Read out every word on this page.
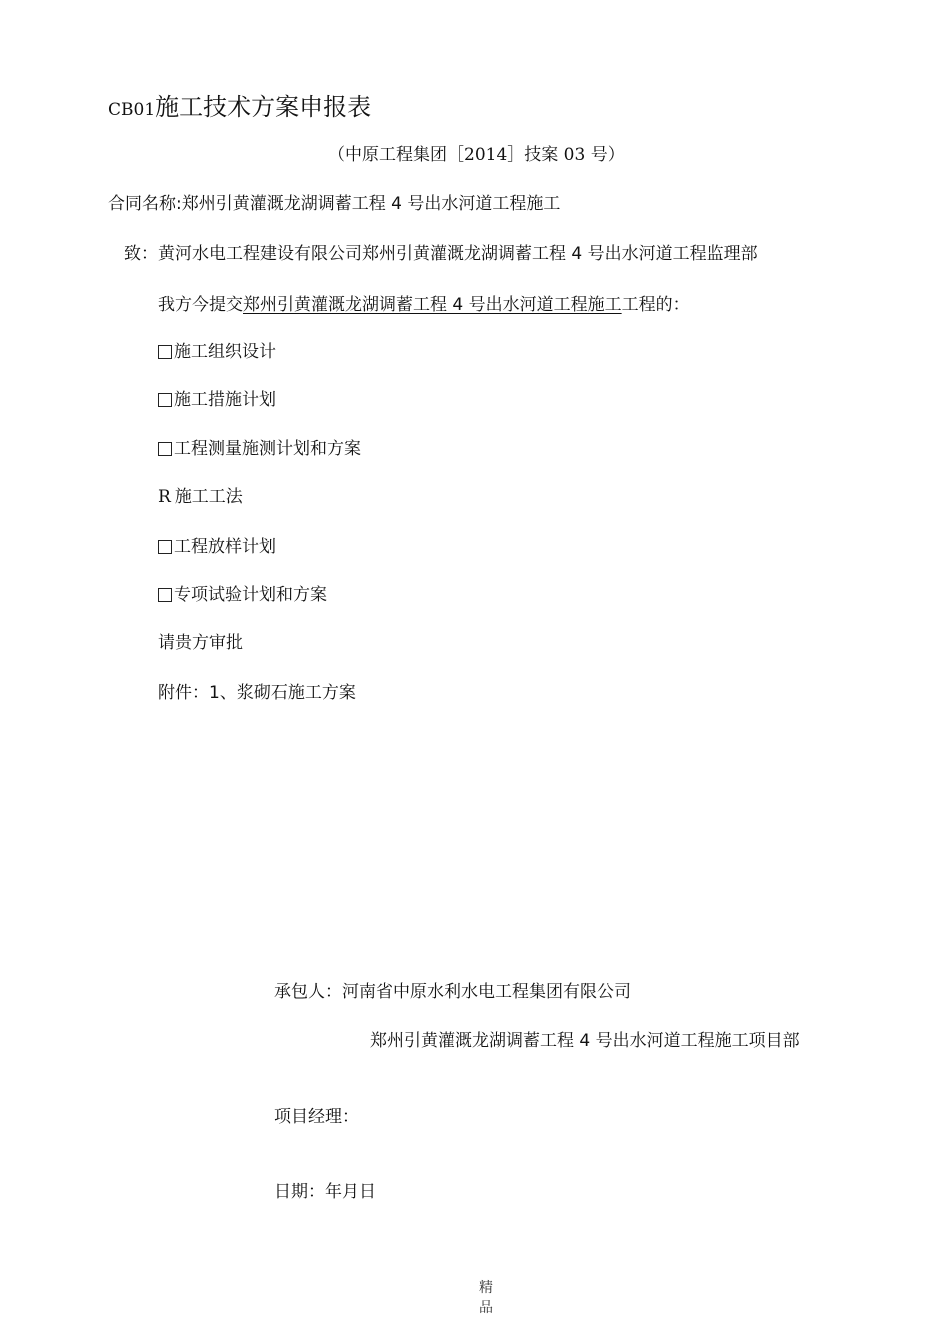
CB01施工技术方案申报表
（中原工程集团［2014］技案 03 号）
合同名称:郑州引黄灌溉龙湖调蓄工程 4 号出水河道工程施工
致：黄河水电工程建设有限公司郑州引黄灌溉龙湖调蓄工程 4 号出水河道工程监理部
我方今提交郑州引黄灌溉龙湖调蓄工程 4 号出水河道工程施工工程的：
施工组织设计
施工措施计划
工程测量施测计划和方案
R 施工工法
工程放样计划
专项试验计划和方案
请贵方审批
附件：1、浆砌石施工方案
承包人：河南省中原水利水电工程集团有限公司
郑州引黄灌溉龙湖调蓄工程 4 号出水河道工程施工项目部
项目经理：
日期：年月日
精品
